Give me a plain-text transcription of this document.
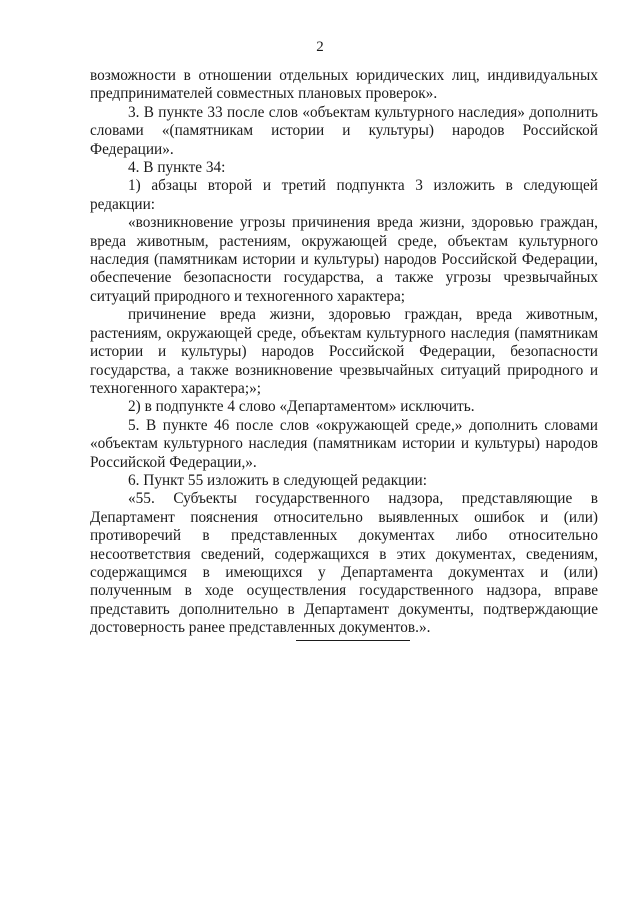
2

возможности в отношении отдельных юридических лиц, индивидуальных предпринимателей совместных плановых проверок».

3. В пункте 33 после слов «объектам культурного наследия» дополнить словами «(памятникам истории и культуры) народов Российской Федерации».

4. В пункте 34:

1) абзацы второй и третий подпункта 3 изложить в следующей редакции:

«возникновение угрозы причинения вреда жизни, здоровью граждан, вреда животным, растениям, окружающей среде, объектам культурного наследия (памятникам истории и культуры) народов Российской Федерации, обеспечение безопасности государства, а также угрозы чрезвычайных ситуаций природного и техногенного характера;

причинение вреда жизни, здоровью граждан, вреда животным, растениям, окружающей среде, объектам культурного наследия (памятникам истории и культуры) народов Российской Федерации, безопасности государства, а также возникновение чрезвычайных ситуаций природного и техногенного характера;»;

2) в подпункте 4 слово «Департаментом» исключить.

5. В пункте 46 после слов «окружающей среде,» дополнить словами «объектам культурного наследия (памятникам истории и культуры) народов Российской Федерации,».

6. Пункт 55 изложить в следующей редакции:

«55. Субъекты государственного надзора, представляющие в Департамент пояснения относительно выявленных ошибок и (или) противоречий в представленных документах либо относительно несоответствия сведений, содержащихся в этих документах, сведениям, содержащимся в имеющихся у Департамента документах и (или) полученным в ходе осуществления государственного надзора, вправе представить дополнительно в Департамент документы, подтверждающие достоверность ранее представленных документов.».
